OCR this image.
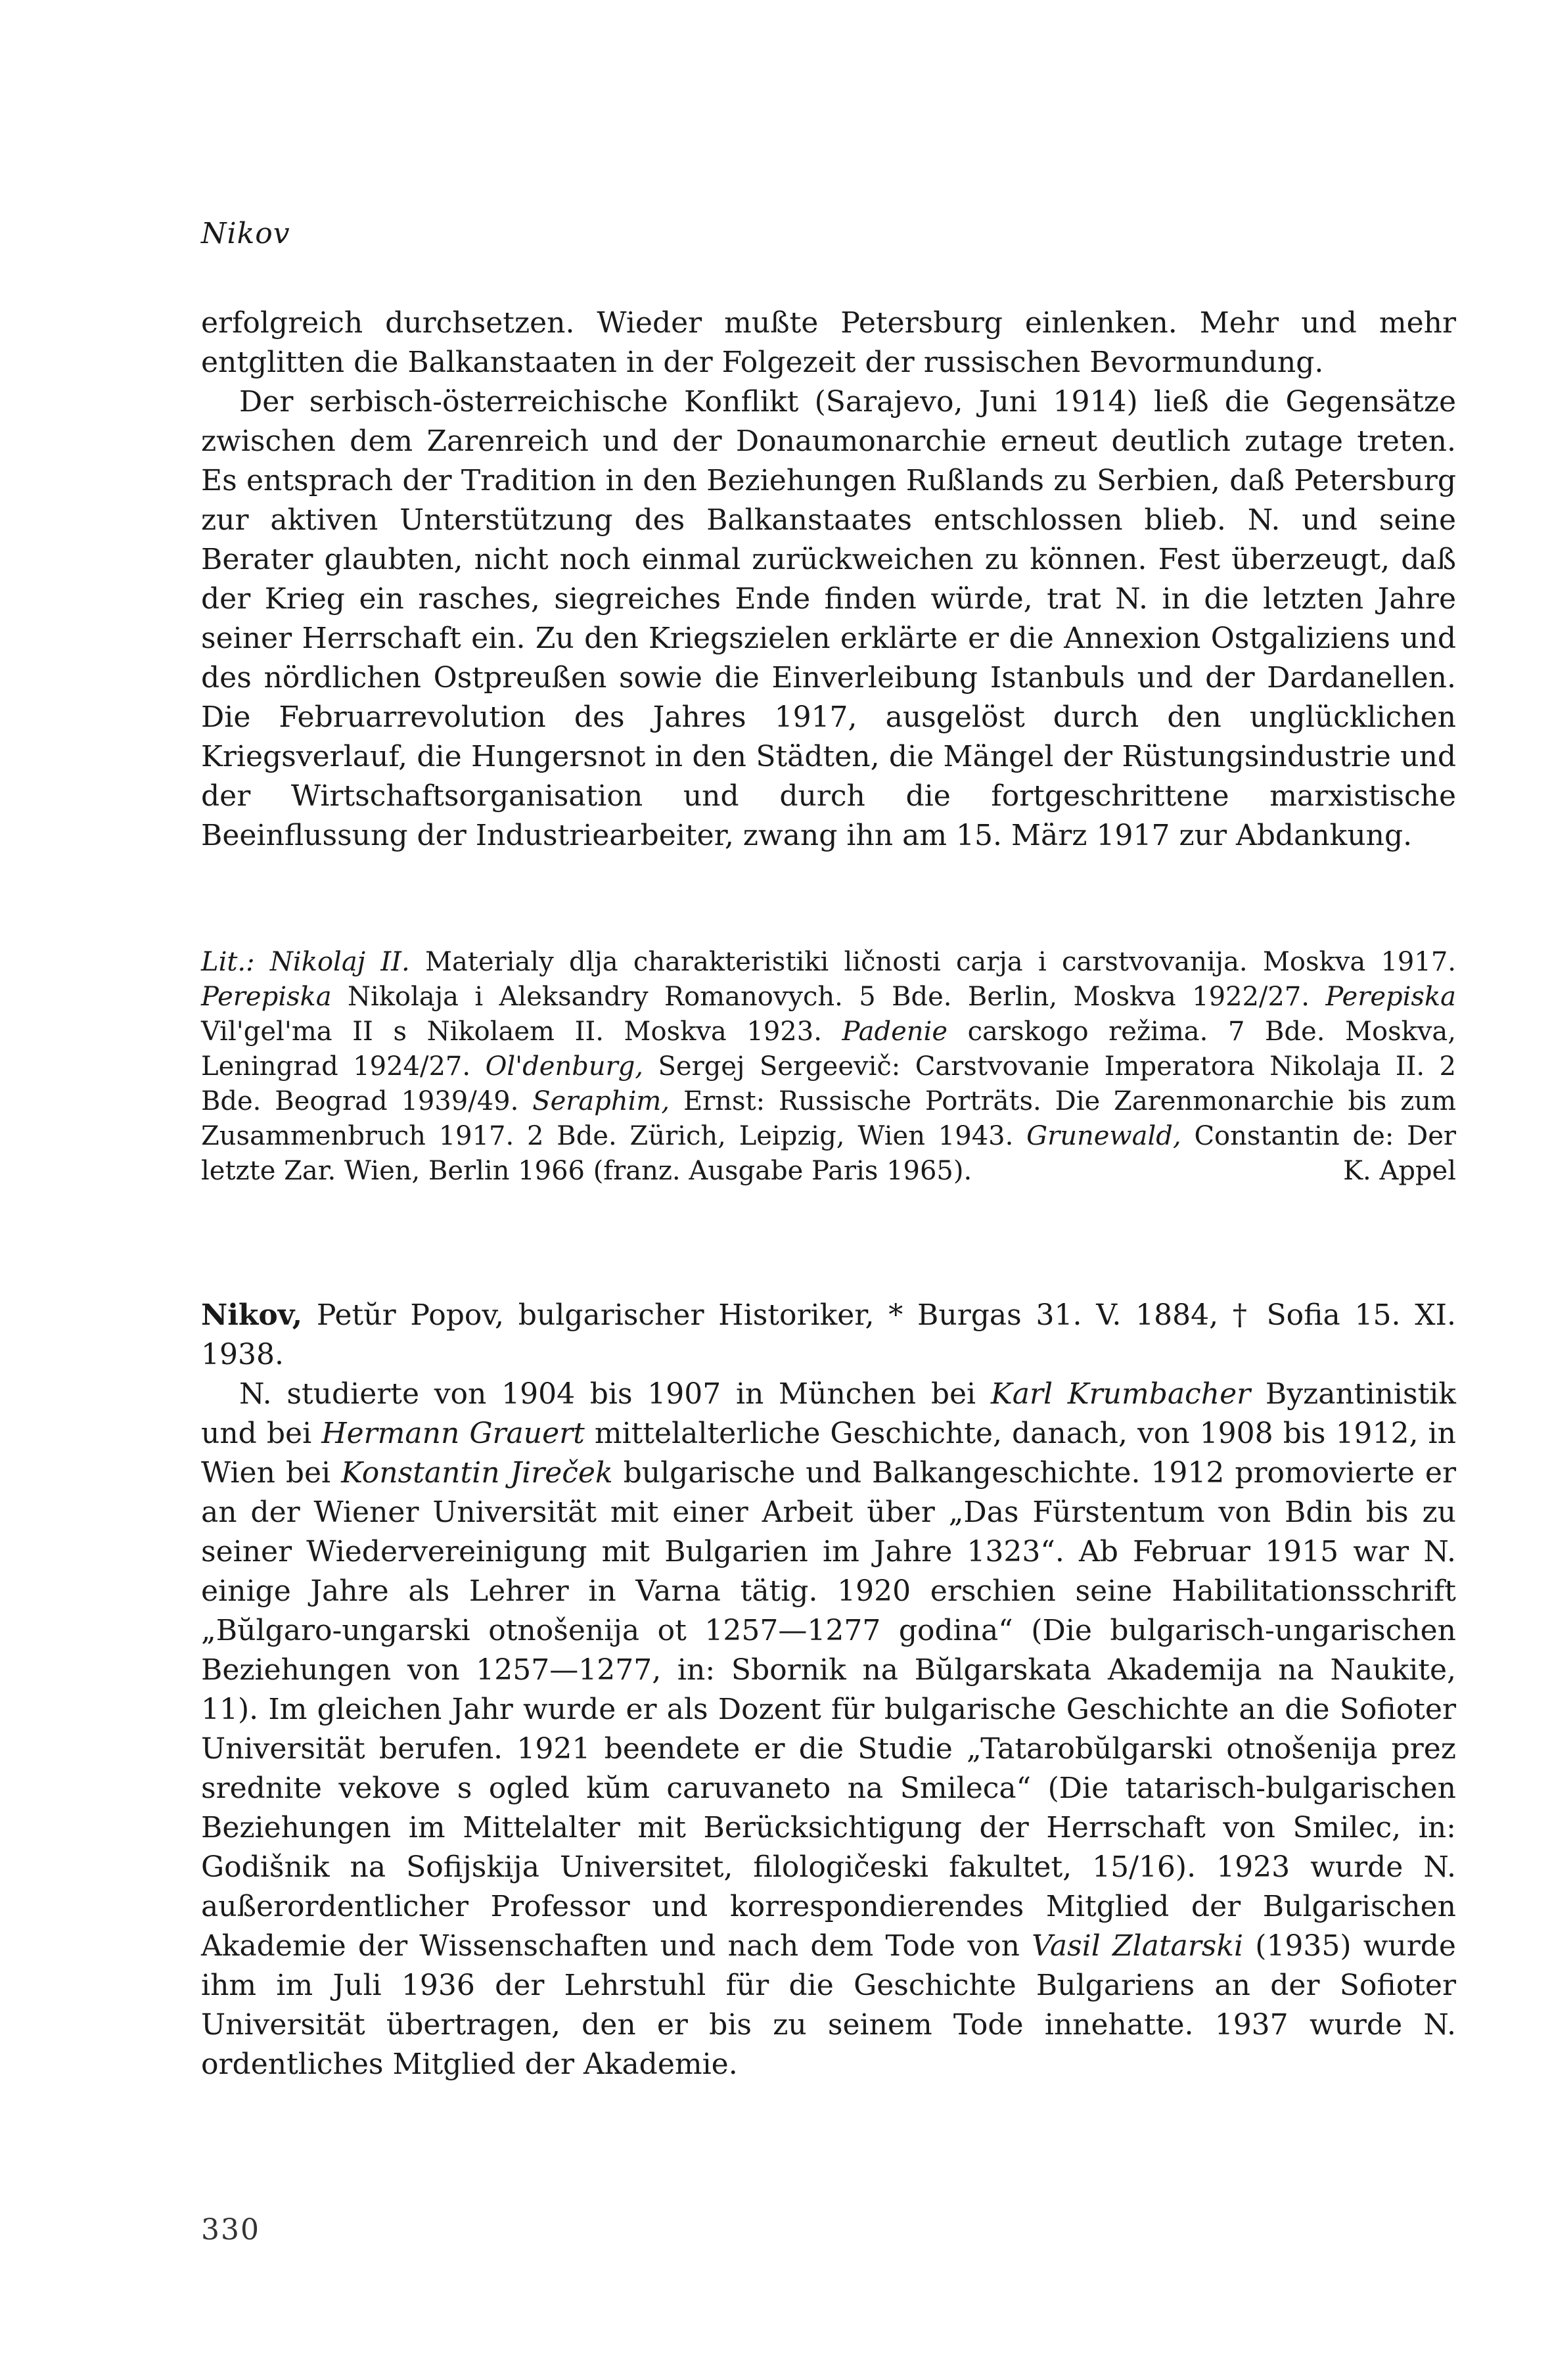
Nikov

erfolgreich durchsetzen. Wieder mußte Petersburg einlenken. Mehr und mehr entglitten die Balkanstaaten in der Folgezeit der russischen Bevormundung.

Der serbisch-österreichische Konflikt (Sarajevo, Juni 1914) ließ die Gegensätze zwischen dem Zarenreich und der Donaumonarchie erneut deutlich zutage treten. Es entsprach der Tradition in den Beziehungen Rußlands zu Serbien, daß Petersburg zur aktiven Unterstützung des Balkanstaates entschlossen blieb. N. und seine Berater glaubten, nicht noch einmal zurückweichen zu können. Fest überzeugt, daß der Krieg ein rasches, siegreiches Ende finden würde, trat N. in die letzten Jahre seiner Herrschaft ein. Zu den Kriegszielen erklärte er die Annexion Ostgaliziens und des nördlichen Ostpreußen sowie die Einverleibung Istanbuls und der Dardanellen. Die Februarrevolution des Jahres 1917, ausgelöst durch den unglücklichen Kriegsverlauf, die Hungersnot in den Städten, die Mängel der Rüstungsindustrie und der Wirtschaftsorganisation und durch die fortgeschrittene marxistische Beeinflussung der Industriearbeiter, zwang ihn am 15. März 1917 zur Abdankung.

Lit.: Nikolaj II. Materialy dlja charakteristiki ličnosti carja i carstvovanija. Moskva 1917. Perepiska Nikolaja i Aleksandry Romanovych. 5 Bde. Berlin, Moskva 1922/27. Perepiska Vil'gel'ma II s Nikolaem II. Moskva 1923. Padenie carskogo režima. 7 Bde. Moskva, Leningrad 1924/27. Ol'denburg, Sergej Sergeevič: Carstvovanie Imperatora Nikolaja II. 2 Bde. Beograd 1939/49. Seraphim, Ernst: Russische Porträts. Die Zarenmonarchie bis zum Zusammenbruch 1917. 2 Bde. Zürich, Leipzig, Wien 1943. Grunewald, Constantin de: Der letzte Zar. Wien, Berlin 1966 (franz. Ausgabe Paris 1965).	K. Appel

Nikov, Petŭr Popov, bulgarischer Historiker, * Burgas 31. V. 1884, † Sofia 15. XI. 1938.

N. studierte von 1904 bis 1907 in München bei Karl Krumbacher Byzantinistik und bei Hermann Grauert mittelalterliche Geschichte, danach, von 1908 bis 1912, in Wien bei Konstantin Jireček bulgarische und Balkangeschichte. 1912 promovierte er an der Wiener Universität mit einer Arbeit über „Das Fürstentum von Bdin bis zu seiner Wiedervereinigung mit Bulgarien im Jahre 1323“. Ab Februar 1915 war N. einige Jahre als Lehrer in Varna tätig. 1920 erschien seine Habilitationsschrift „Bŭlgaro-ungarski otnošenija ot 1257—1277 godina“ (Die bulgarisch-ungarischen Beziehungen von 1257—1277, in: Sbornik na Bŭlgarskata Akademija na Naukite, 11). Im gleichen Jahr wurde er als Dozent für bulgarische Geschichte an die Sofioter Universität berufen. 1921 beendete er die Studie „Tatarobŭlgarski otnošenija prez srednite vekove s ogled kŭm caruvaneto na Smileca“ (Die tatarisch-bulgarischen Beziehungen im Mittelalter mit Berücksichtigung der Herrschaft von Smilec, in: Godišnik na Sofijskija Universitet, filologičeski fakultet, 15/16). 1923 wurde N. außerordentlicher Professor und korrespondierendes Mitglied der Bulgarischen Akademie der Wissenschaften und nach dem Tode von Vasil Zlatarski (1935) wurde ihm im Juli 1936 der Lehrstuhl für die Geschichte Bulgariens an der Sofioter Universität übertragen, den er bis zu seinem Tode innehatte. 1937 wurde N. ordentliches Mitglied der Akademie.

330
